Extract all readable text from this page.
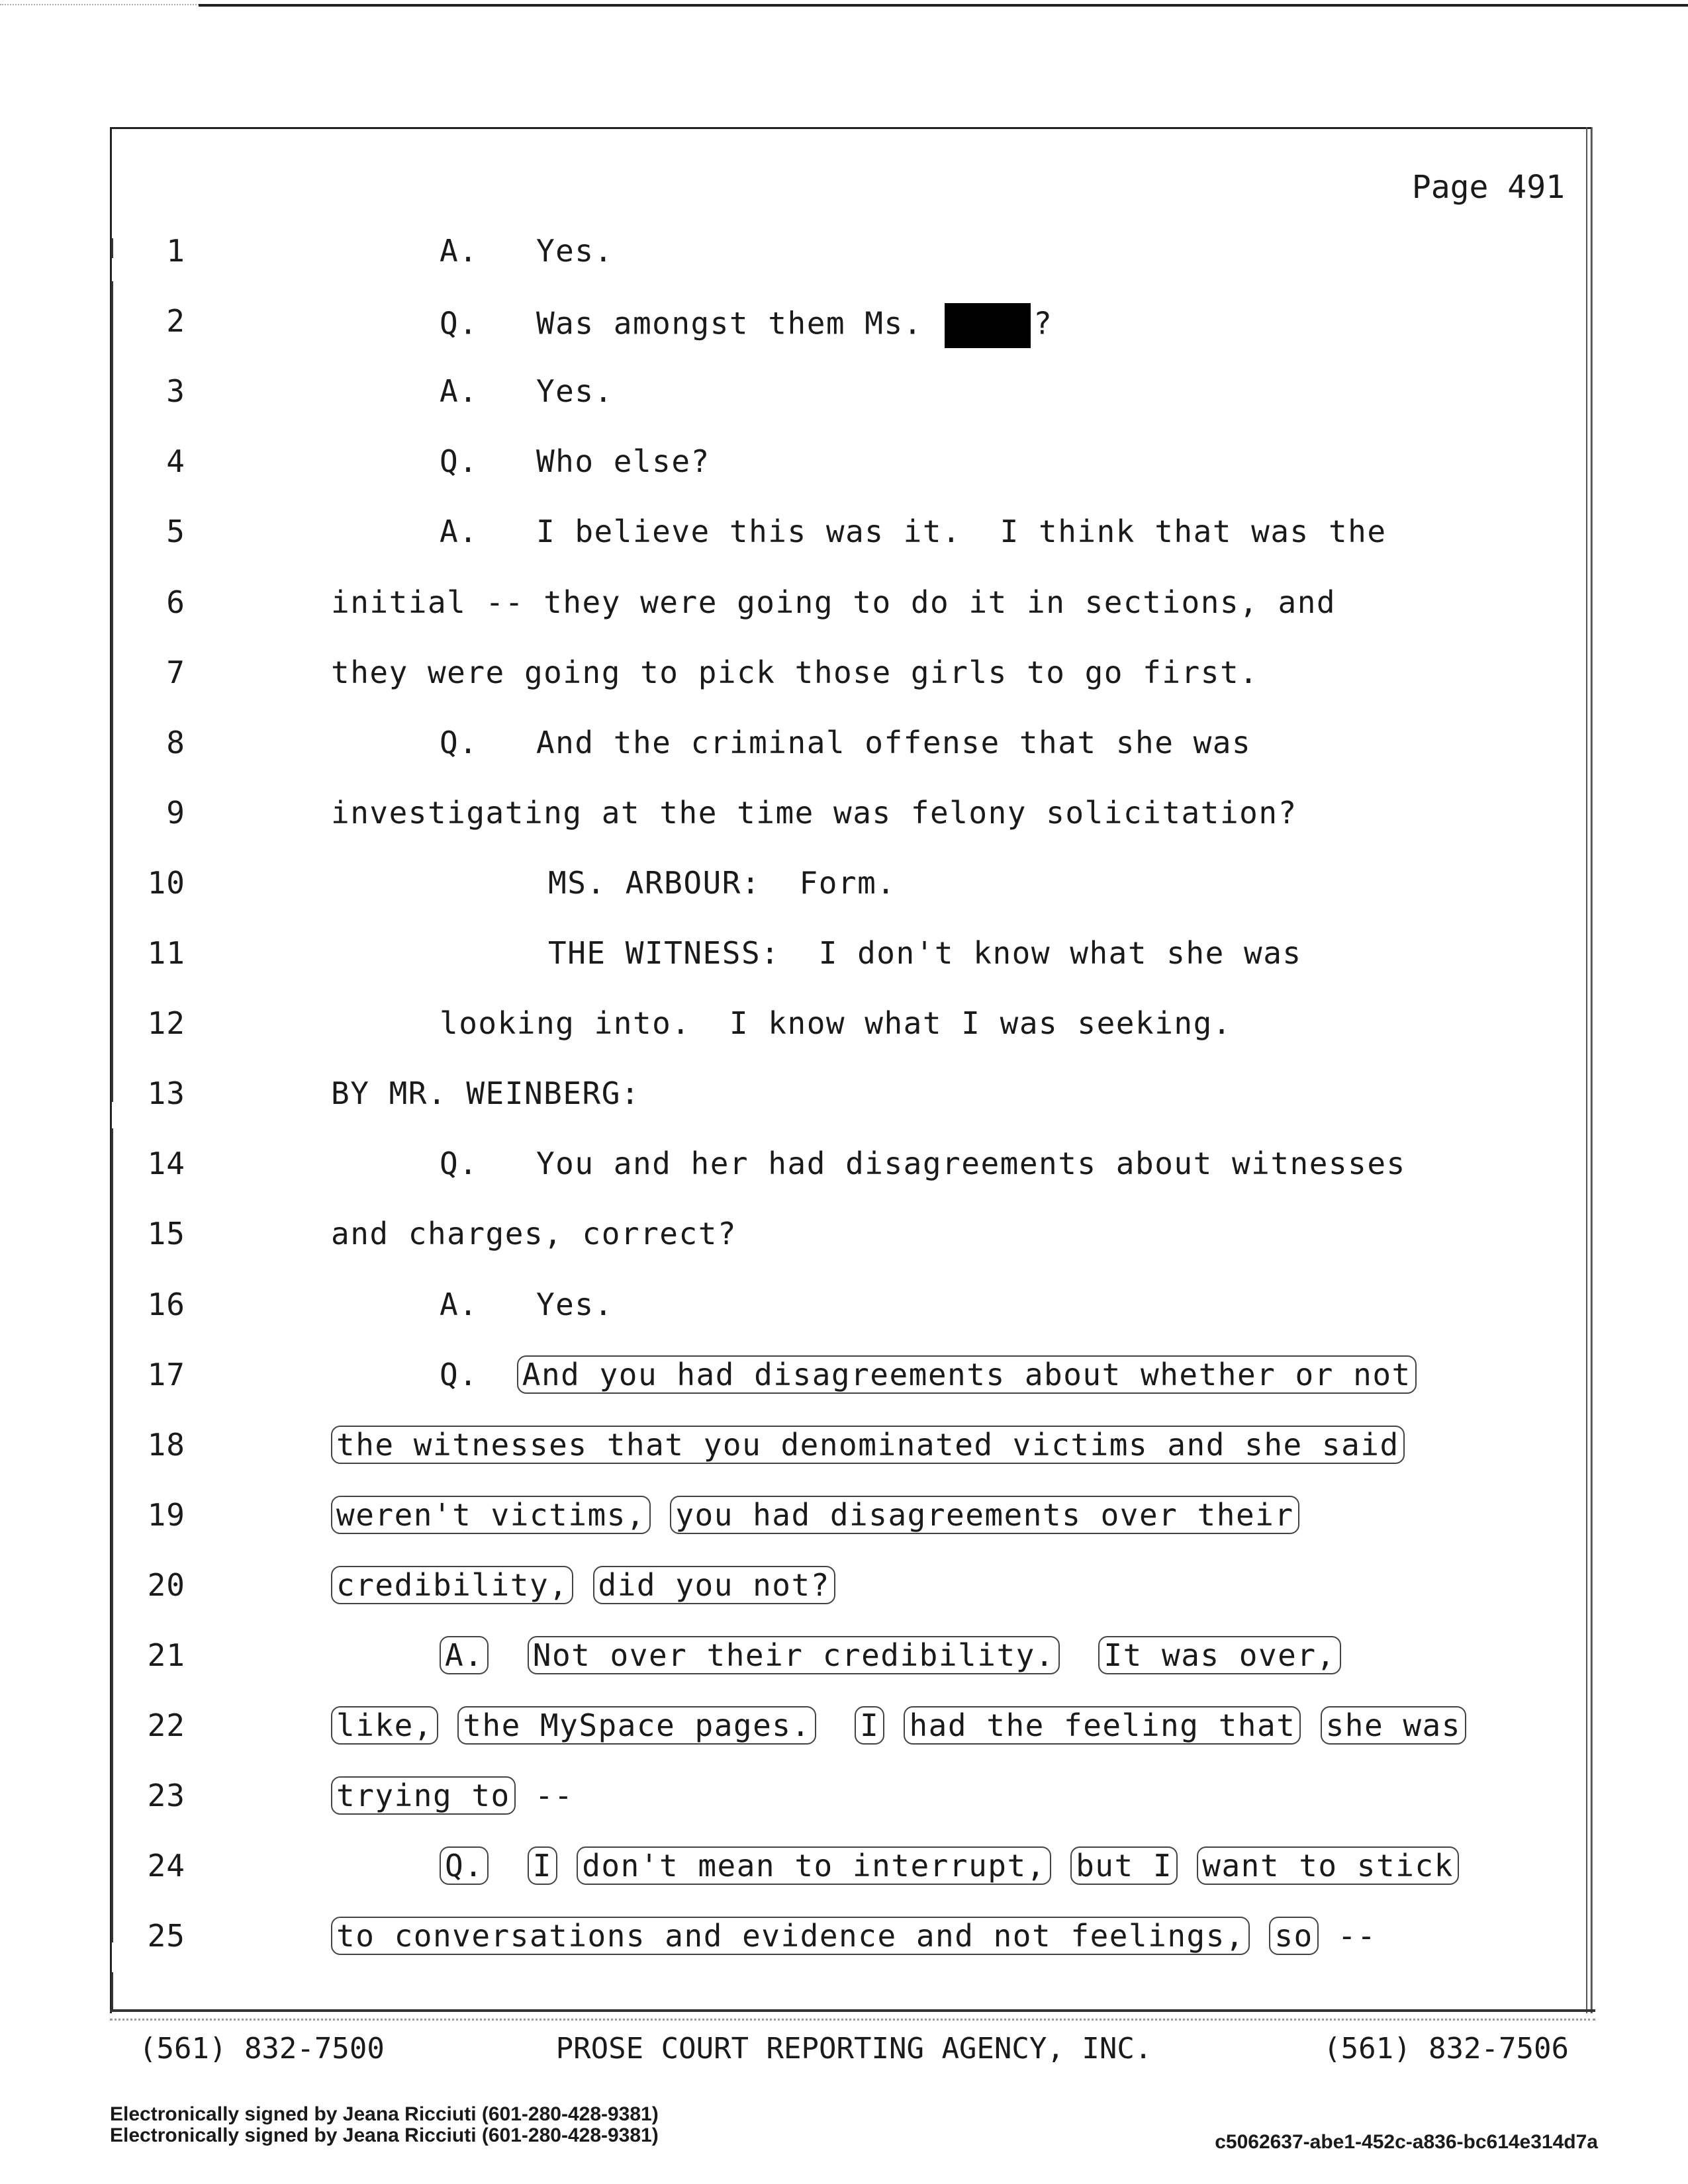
Page 491
1	A.   Yes.
2	Q.   Was amongst them Ms.	?
3	A.   Yes.
4	Q.   Who else?
5	A.   I believe this was it.  I think that was the
6	initial -- they were going to do it in sections, and
7	they were going to pick those girls to go first.
8	Q.   And the criminal offense that she was
9	investigating at the time was felony solicitation?
10	MS. ARBOUR:  Form.
11	THE WITNESS:  I don't know what she was
12	looking into.  I know what I was seeking.
13	BY MR. WEINBERG:
14	Q.   You and her had disagreements about witnesses
15	and charges, correct?
16	A.   Yes.
17	Q.  And you had disagreements about whether or not
18	the witnesses that you denominated victims and she said
19	weren't victims, you had disagreements over their
20	credibility, did you not?
21	A. Not over their credibility. It was over,
22	like, the MySpace pages. I had the feeling that she was
23	trying to --
24	Q. I don't mean to interrupt, but I want to stick
25	to conversations and evidence and not feelings, so --
(561) 832-7500	PROSE COURT REPORTING AGENCY, INC.	(561) 832-7506
Electronically signed by Jeana Ricciuti (601-280-428-9381)
Electronically signed by Jeana Ricciuti (601-280-428-9381)	c5062637-abe1-452c-a836-bc614e314d7a
